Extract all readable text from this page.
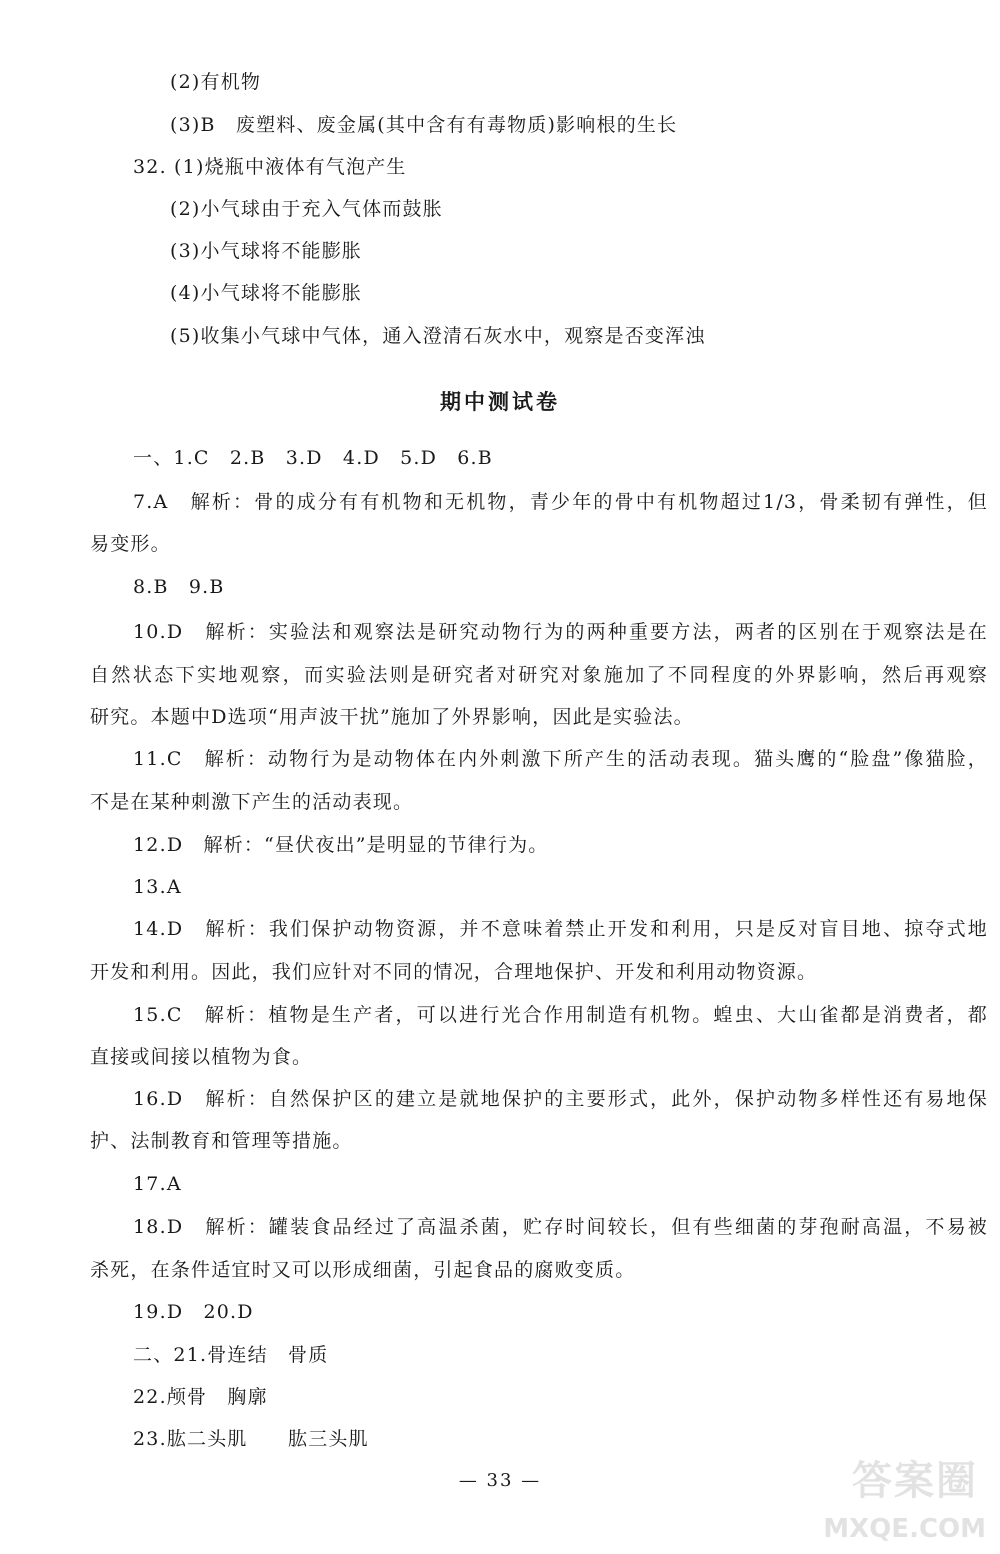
(2)有机物
(3)B　废塑料、废金属(其中含有有毒物质)影响根的生长
32. (1)烧瓶中液体有气泡产生
(2)小气球由于充入气体而鼓胀
(3)小气球将不能膨胀
(4)小气球将不能膨胀
(5)收集小气球中气体，通入澄清石灰水中，观察是否变浑浊
期中测试卷
一、1.C　2.B　3.D　4.D　5.D　6.B
7.A　解析：骨的成分有有机物和无机物，青少年的骨中有机物超过1/3，骨柔韧有弹性，但
易变形。
8.B　9.B
10.D　解析：实验法和观察法是研究动物行为的两种重要方法，两者的区别在于观察法是在
自然状态下实地观察，而实验法则是研究者对研究对象施加了不同程度的外界影响，然后再观察
研究。本题中D选项“用声波干扰”施加了外界影响，因此是实验法。
11.C　解析：动物行为是动物体在内外刺激下所产生的活动表现。猫头鹰的“脸盘”像猫脸，
不是在某种刺激下产生的活动表现。
12.D　解析：“昼伏夜出”是明显的节律行为。
13.A
14.D　解析：我们保护动物资源，并不意味着禁止开发和利用，只是反对盲目地、掠夺式地
开发和利用。因此，我们应针对不同的情况，合理地保护、开发和利用动物资源。
15.C　解析：植物是生产者，可以进行光合作用制造有机物。蝗虫、大山雀都是消费者，都
直接或间接以植物为食。
16.D　解析：自然保护区的建立是就地保护的主要形式，此外，保护动物多样性还有易地保
护、法制教育和管理等措施。
17.A
18.D　解析：罐装食品经过了高温杀菌，贮存时间较长，但有些细菌的芽孢耐高温，不易被
杀死，在条件适宜时又可以形成细菌，引起食品的腐败变质。
19.D　20.D
二、21.骨连结　骨质
22.颅骨　胸廓
23.肱二头肌　　肱三头肌
— 33 —	答案圈
MXQE.COM
